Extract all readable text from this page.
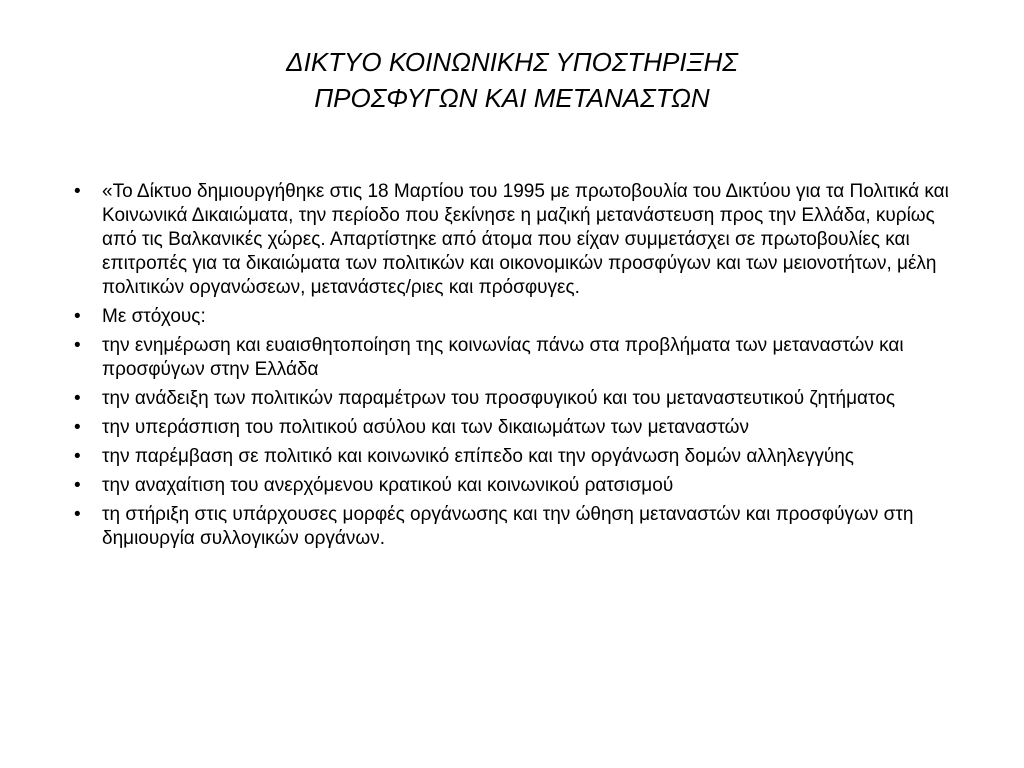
ΔΙΚΤΥΟ ΚΟΙΝΩΝΙΚΗΣ ΥΠΟΣΤΗΡΙΞΗΣ
ΠΡΟΣΦΥΓΩΝ ΚΑΙ ΜΕΤΑΝΑΣΤΩΝ
•	«Το Δίκτυο δημιουργήθηκε στις 18 Μαρτίου του 1995 με πρωτοβουλία του Δικτύου για τα Πολιτικά και Κοινωνικά Δικαιώματα, την περίοδο που ξεκίνησε η μαζική μετανάστευση προς την Ελλάδα, κυρίως από τις Βαλκανικές χώρες. Απαρτίστηκε από άτομα που είχαν συμμετάσχει σε πρωτοβουλίες και επιτροπές για τα δικαιώματα των πολιτικών και οικονομικών προσφύγων και των μειονοτήτων, μέλη πολιτικών οργανώσεων, μετανάστες/ριες και πρόσφυγες.
•	Με στόχους:
•	την ενημέρωση και ευαισθητοποίηση της κοινωνίας πάνω στα προβλήματα των μεταναστών και προσφύγων στην Ελλάδα
•	την ανάδειξη των πολιτικών παραμέτρων του προσφυγικού και του μεταναστευτικού ζητήματος
•	την υπεράσπιση του πολιτικού ασύλου και των δικαιωμάτων των μεταναστών
•	την παρέμβαση σε πολιτικό και κοινωνικό επίπεδο και την οργάνωση δομών αλληλεγγύης
•	την αναχαίτιση του ανερχόμενου κρατικού και κοινωνικού ρατσισμού
•	τη στήριξη στις υπάρχουσες μορφές οργάνωσης και την ώθηση μεταναστών και προσφύγων στη δημιουργία συλλογικών οργάνων.
